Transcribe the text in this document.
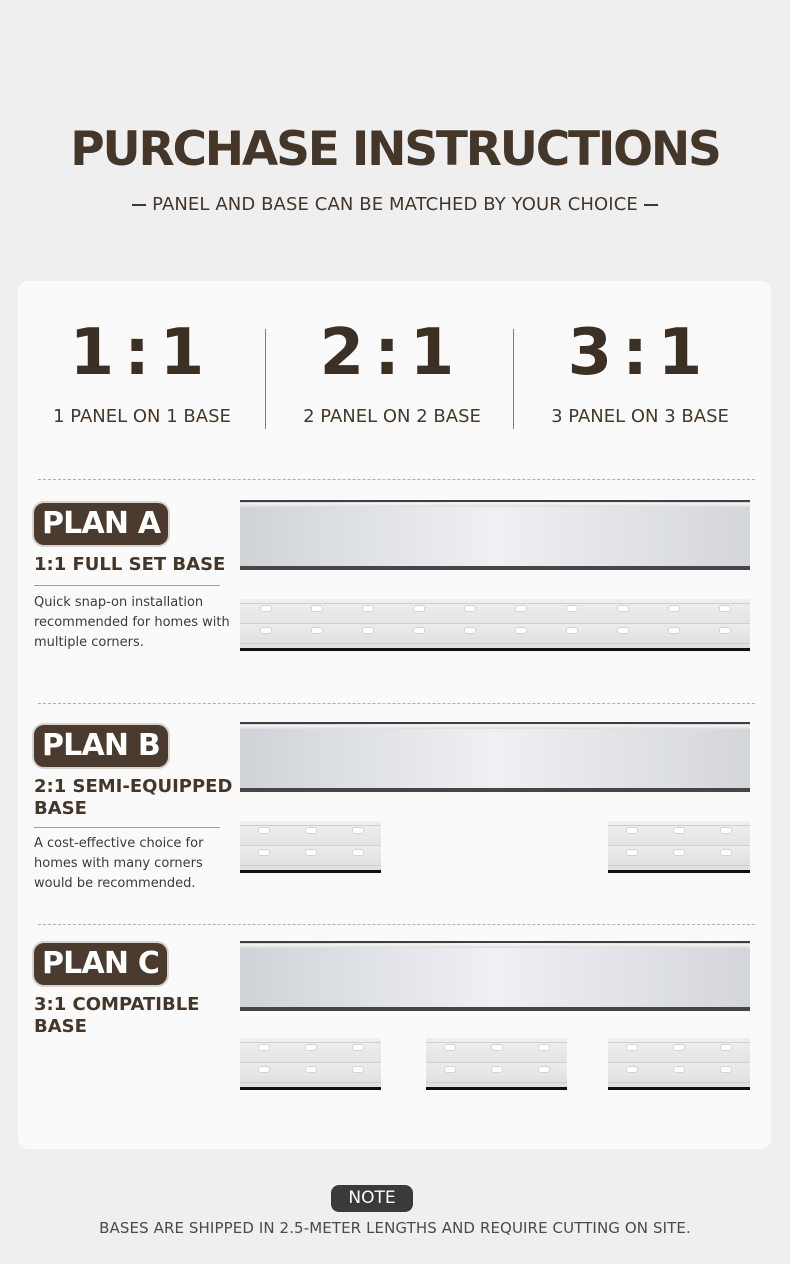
PURCHASE INSTRUCTIONS
PANEL AND BASE CAN BE MATCHED BY YOUR CHOICE
1:1
1 PANEL ON 1 BASE
2:1
2 PANEL ON 2 BASE
3:1
3 PANEL ON 3 BASE
PLAN A
1:1 FULL SET BASE
Quick snap-on installation recommended for homes with multiple corners.
PLAN B
2:1 SEMI-EQUIPPED BASE
A cost-effective choice for homes with many corners would be recommended.
PLAN C
3:1 COMPATIBLE BASE
NOTE
BASES ARE SHIPPED IN 2.5-METER LENGTHS AND REQUIRE CUTTING ON SITE.
